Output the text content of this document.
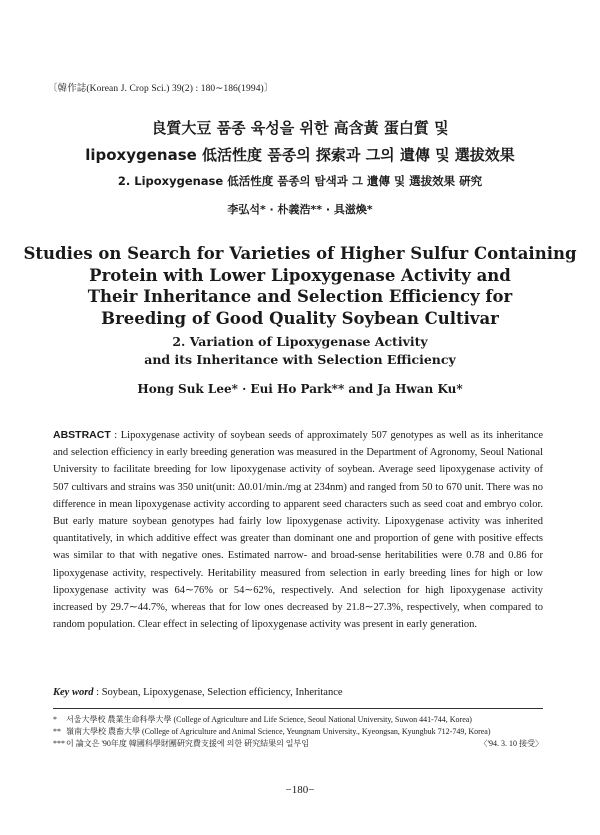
〔韓作誌(Korean J. Crop Sci.) 39(2) : 180∼186(1994)〕
良質大豆 품종 육성을 위한 高含黃 蛋白質 및
lipoxygenase 低活性度 품종의 探索과 그의 遺傳 및 選拔效果
2. Lipoxygenase 低活性度 품종의 탐색과 그 遺傳 및 選拔效果 硏究
李弘석* · 朴義浩** · 具滋煥*
Studies on Search for Varieties of Higher Sulfur Containing
Protein with Lower Lipoxygenase Activity and
Their Inheritance and Selection Efficiency for
Breeding of Good Quality Soybean Cultivar
2. Variation of Lipoxygenase Activity
and its Inheritance with Selection Efficiency
Hong Suk Lee* · Eui Ho Park** and Ja Hwan Ku*
ABSTRACT : Lipoxygenase activity of soybean seeds of approximately 507 genotypes as well as its inheritance and selection efficiency in early breeding generation was measured in the Department of Agronomy, Seoul National University to facilitate breeding for low lipoxygenase activity of soybean. Average seed lipoxygenase activity of 507 cultivars and strains was 350 unit(unit: Δ0.01/min./mg at 234nm) and ranged from 50 to 670 unit. There was no difference in mean lipoxygenase activity according to apparent seed characters such as seed coat and embryo color. But early mature soybean genotypes had fairly low lipoxygenase activity. Lipoxygenase activity was inherited quantitatively, in which additive effect was greater than dominant one and proportion of gene with positive effects was similar to that with negative ones. Estimated narrow- and broad-sense heritabilities were 0.78 and 0.86 for lipoxygenase activity, respectively. Heritability measured from selection in early breeding lines for high or low lipoxygenase activity was 64∼76% or 54∼62%, respectively. And selection for high lipoxygenase activity increased by 29.7∼44.7%, whereas that for low ones decreased by 21.8∼27.3%, respectively, when compared to random population. Clear effect in selecting of lipoxygenase activity was present in early generation.
Key word : Soybean, Lipoxygenase, Selection efficiency, Inheritance
* 서울大學校 農業生命科學大學 (College of Agriculture and Life Science, Seoul National University, Suwon 441-744, Korea)
** 嶺南大學校 農畜大學 (College of Agriculture and Animal Science, Yeungnam University., Kyeongsan, Kyungbuk 712-749, Korea)
*** 이 論文은 '90年度 韓國科學財團硏究費支援에 의한 硏究結果의 일부임	〈'94. 3. 10 接受〉
−180−
